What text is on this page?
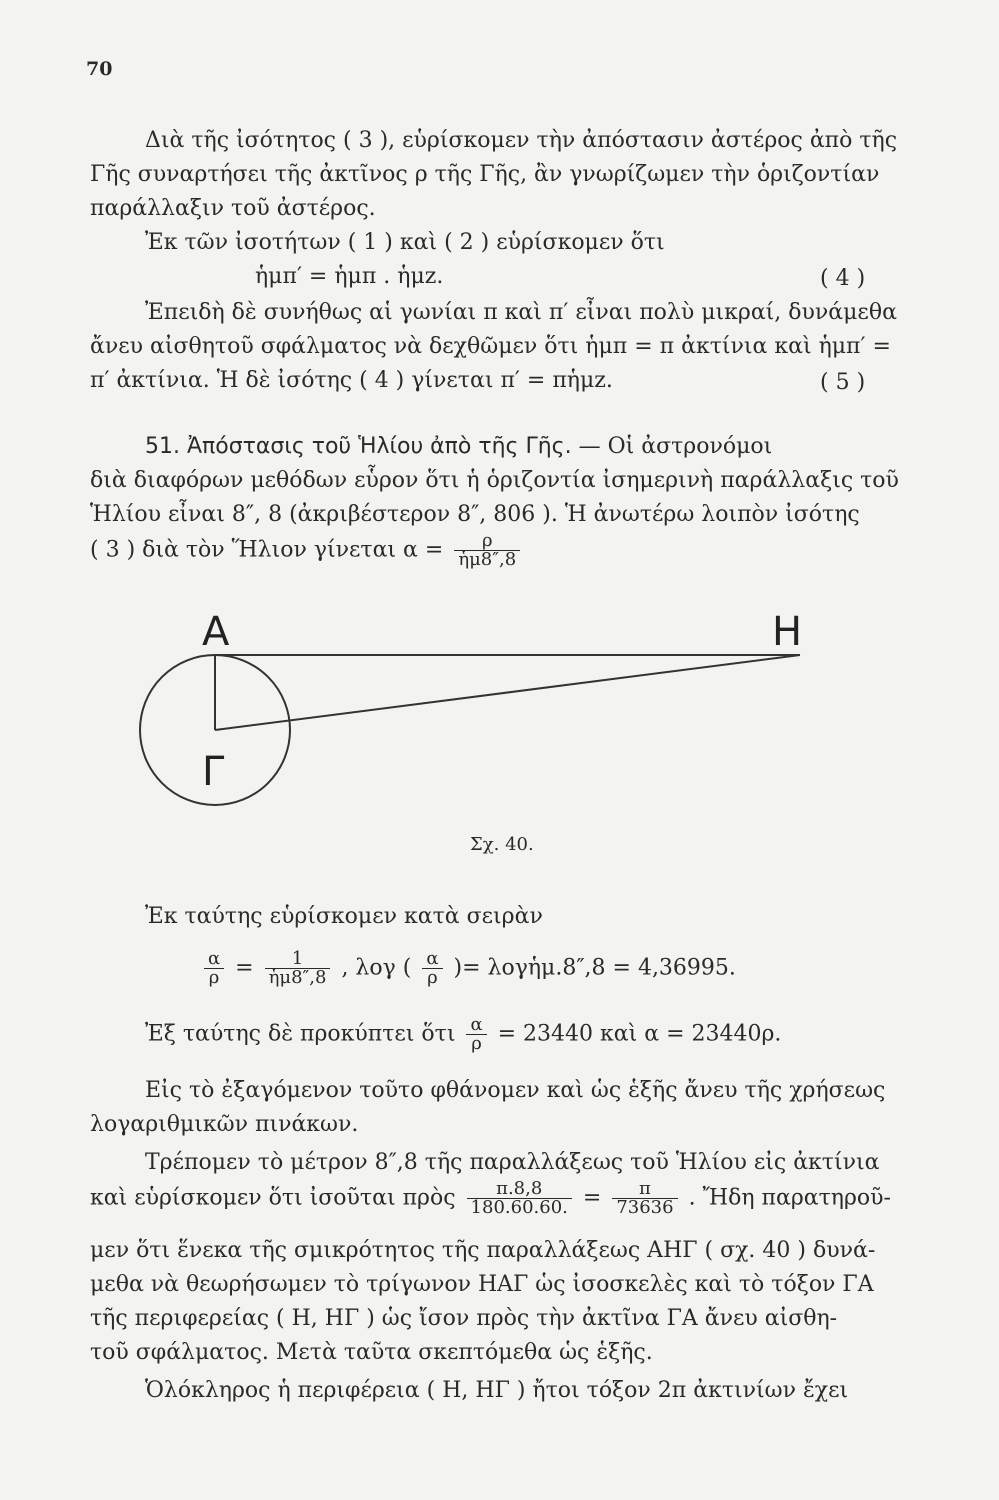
70
Διὰ τῆς ἰσότητος ( 3 ), εὑρίσκομεν τὴν ἀπόστασιν ἀστέρος ἀπὸ τῆς
Γῆς συναρτήσει τῆς ἀκτῖνος ρ τῆς Γῆς, ἂν γνωρίζωμεν τὴν ὁριζοντίαν
παράλλαξιν τοῦ ἀστέρος.
Ἐκ τῶν ἰσοτήτων ( 1 ) καὶ ( 2 ) εὑρίσκομεν ὅτι
ἡμπ′ = ἡμπ . ἡμz.	( 4 )
Ἐπειδὴ δὲ συνήθως αἱ γωνίαι π καὶ π′ εἶναι πολὺ μικραί, δυνάμεθα
ἄνευ αἰσθητοῦ σφάλματος νὰ δεχθῶμεν ὅτι ἡμπ = π ἀκτίνια καὶ ἡμπ′ =
π′ ἀκτίνια. Ἡ δὲ ἰσότης ( 4 ) γίνεται π′ = πἡμz.	( 5 )
51. Ἀπόστασις τοῦ Ἡλίου ἀπὸ τῆς Γῆς. — Οἱ ἀστρονόμοι
διὰ διαφόρων μεθόδων εὗρον ὅτι ἡ ὁριζοντία ἰσημερινὴ παράλλαξις τοῦ
Ἡλίου εἶναι 8″, 8 (ἀκριβέστερον 8″, 806 ). Ἡ ἀνωτέρω λοιπὸν ἰσότης
( 3 ) διὰ τὸν Ἥλιον γίνεται $\alpha = \frac{\rho}{\text{ἡμ8″,8}}$
Α	Η
Γ
Σχ. 40.
Ἐκ ταύτης εὑρίσκομεν κατὰ σειρὰν
$\frac{\alpha}{\rho} = \frac{1}{\text{ἡμ8″,8}}$ , λογ ( $\frac{\alpha}{\rho}$ )= λογἡμ.8″,8 = 4,36995.
Ἐξ ταύτης δὲ προκύπτει ὅτι $\frac{\alpha}{\rho} = 23440$ καὶ α = 23440ρ.
Εἰς τὸ ἐξαγόμενον τοῦτο φθάνομεν καὶ ὡς ἑξῆς ἄνευ τῆς χρήσεως
λογαριθμικῶν πινάκων.
Τρέπομεν τὸ μέτρον 8″,8 τῆς παραλλάξεως τοῦ Ἡλίου εἰς ἀκτίνια
καὶ εὑρίσκομεν ὅτι ἰσοῦται πρὸς $\frac{\pi.8,8}{180.60.60.} = \frac{\pi}{73636}$ . Ἤδη παρατηροῦ-
μεν ὅτι ἕνεκα τῆς σμικρότητος τῆς παραλλάξεως ΑΗΓ ( σχ. 40 ) δυνά-
μεθα νὰ θεωρήσωμεν τὸ τρίγωνον ΗΑΓ ὡς ἰσοσκελὲς καὶ τὸ τόξον ΓΑ
τῆς περιφερείας ( Η, ΗΓ ) ὡς ἴσον πρὸς τὴν ἀκτῖνα ΓΑ ἄνευ αἰσθη-
τοῦ σφάλματος. Μετὰ ταῦτα σκεπτόμεθα ὡς ἑξῆς.
Ὁλόκληρος ἡ περιφέρεια ( Η, ΗΓ ) ἤτοι τόξον 2π ἀκτινίων ἔχει
